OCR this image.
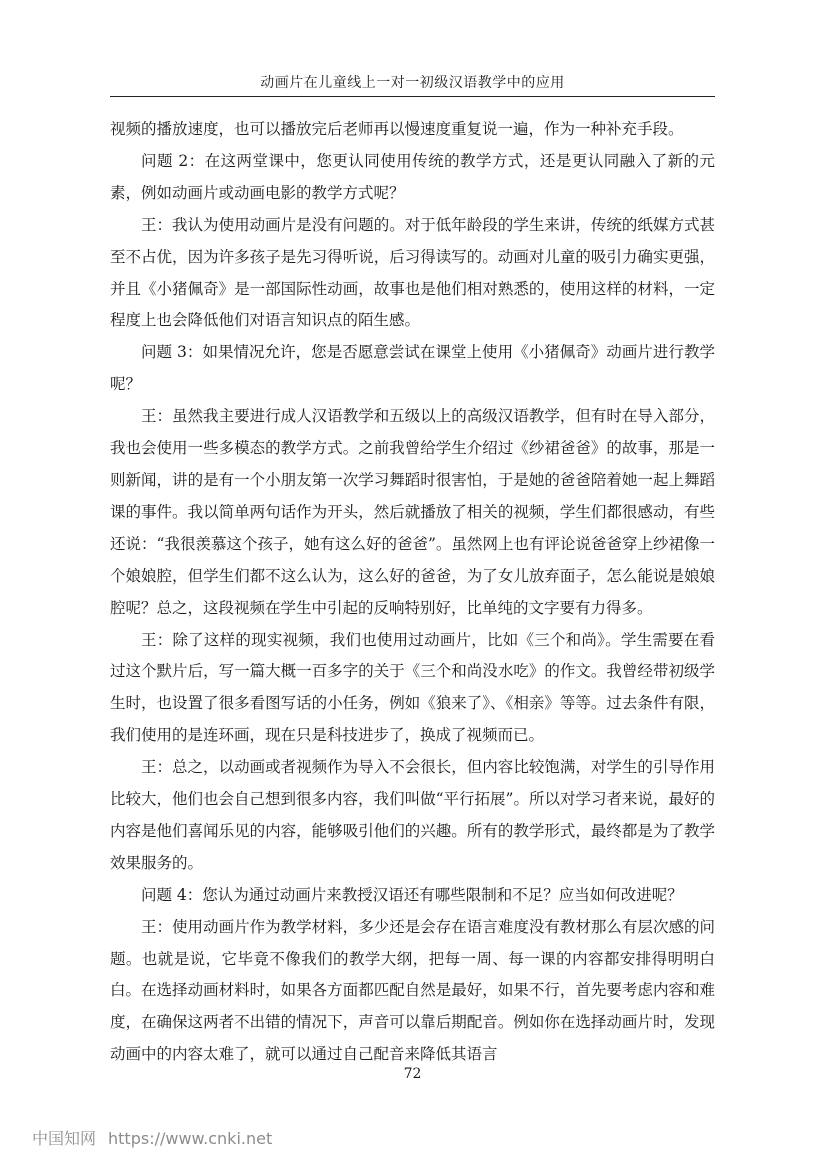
动画片在儿童线上一对一初级汉语教学中的应用

视频的播放速度，也可以播放完后老师再以慢速度重复说一遍，作为一种补充手段。

问题 2：在这两堂课中，您更认同使用传统的教学方式，还是更认同融入了新的元素，例如动画片或动画电影的教学方式呢？

王：我认为使用动画片是没有问题的。对于低年龄段的学生来讲，传统的纸媒方式甚至不占优，因为许多孩子是先习得听说，后习得读写的。动画对儿童的吸引力确实更强，并且《小猪佩奇》是一部国际性动画，故事也是他们相对熟悉的，使用这样的材料，一定程度上也会降低他们对语言知识点的陌生感。

问题 3：如果情况允许，您是否愿意尝试在课堂上使用《小猪佩奇》动画片进行教学呢？

王：虽然我主要进行成人汉语教学和五级以上的高级汉语教学，但有时在导入部分，我也会使用一些多模态的教学方式。之前我曾给学生介绍过《纱裙爸爸》的故事，那是一则新闻，讲的是有一个小朋友第一次学习舞蹈时很害怕，于是她的爸爸陪着她一起上舞蹈课的事件。我以简单两句话作为开头，然后就播放了相关的视频，学生们都很感动，有些还说：“我很羡慕这个孩子，她有这么好的爸爸”。虽然网上也有评论说爸爸穿上纱裙像一个娘娘腔，但学生们都不这么认为，这么好的爸爸，为了女儿放弃面子，怎么能说是娘娘腔呢？总之，这段视频在学生中引起的反响特别好，比单纯的文字要有力得多。

王：除了这样的现实视频，我们也使用过动画片，比如《三个和尚》。学生需要在看过这个默片后，写一篇大概一百多字的关于《三个和尚没水吃》的作文。我曾经带初级学生时，也设置了很多看图写话的小任务，例如《狼来了》、《相亲》等等。过去条件有限，我们使用的是连环画，现在只是科技进步了，换成了视频而已。

王：总之，以动画或者视频作为导入不会很长，但内容比较饱满，对学生的引导作用比较大，他们也会自己想到很多内容，我们叫做“平行拓展”。所以对学习者来说，最好的内容是他们喜闻乐见的内容，能够吸引他们的兴趣。所有的教学形式，最终都是为了教学效果服务的。

问题 4：您认为通过动画片来教授汉语还有哪些限制和不足？应当如何改进呢？

王：使用动画片作为教学材料，多少还是会存在语言难度没有教材那么有层次感的问题。也就是说，它毕竟不像我们的教学大纲，把每一周、每一课的内容都安排得明明白白。在选择动画材料时，如果各方面都匹配自然是最好，如果不行，首先要考虑内容和难度，在确保这两者不出错的情况下，声音可以靠后期配音。例如你在选择动画片时，发现动画中的内容太难了，就可以通过自己配音来降低其语言

72
中国知网 https://www.cnki.net
